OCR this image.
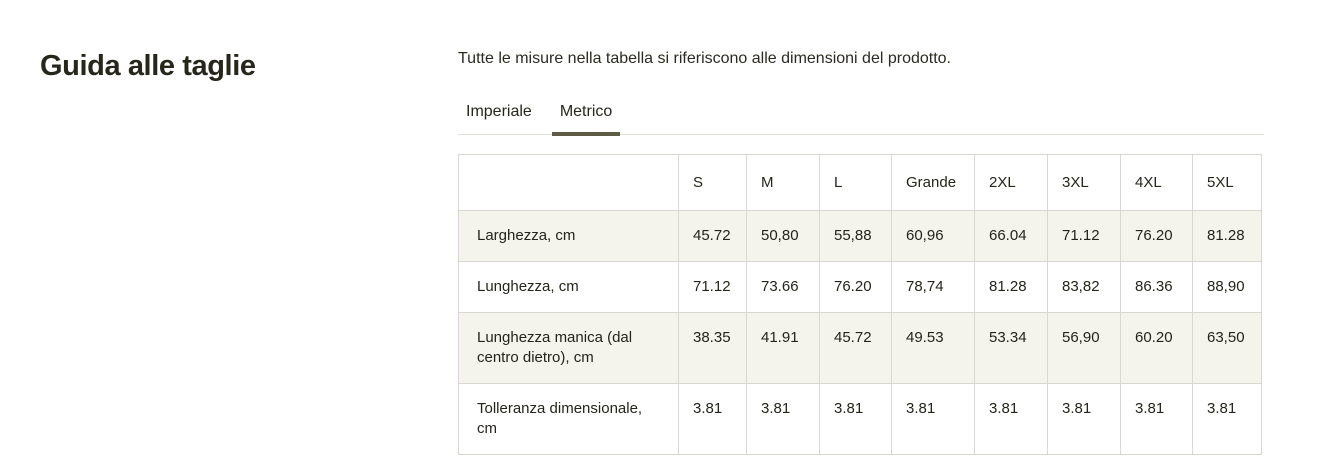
Guida alle taglie	Tutte le misure nella tabella si riferiscono alle dimensioni del prodotto.
Imperiale	Metrico
	S	M	L	Grande	2XL	3XL	4XL	5XL
Larghezza, cm	45.72	50,80	55,88	60,96	66.04	71.12	76.20	81.28
Lunghezza, cm	71.12	73.66	76.20	78,74	81.28	83,82	86.36	88,90
Lunghezza manica (dal centro dietro), cm	38.35	41.91	45.72	49.53	53.34	56,90	60.20	63,50
Tolleranza dimensionale, cm	3.81	3.81	3.81	3.81	3.81	3.81	3.81	3.81
